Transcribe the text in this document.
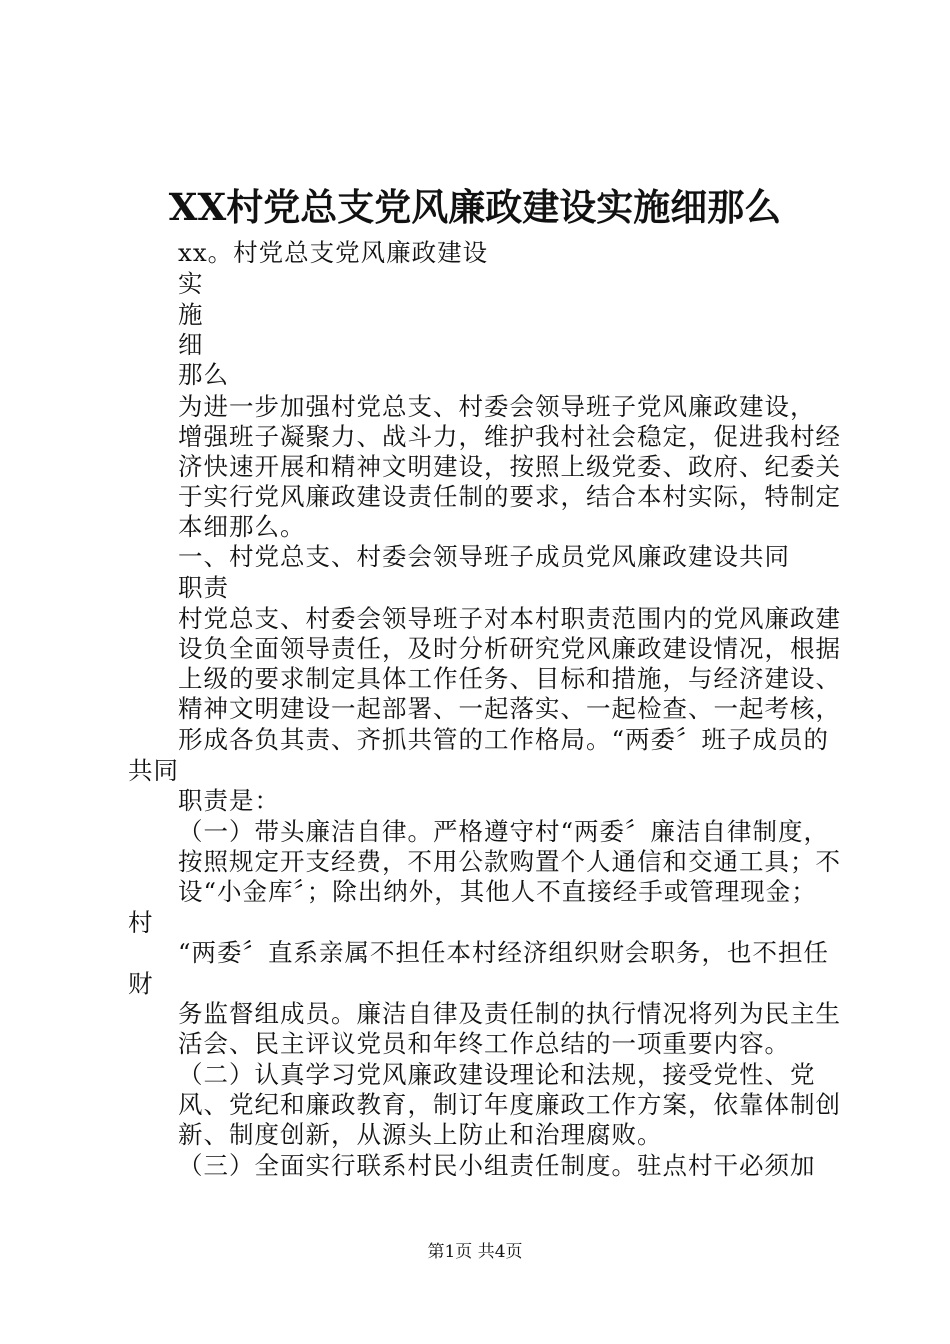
XX村党总支党风廉政建设实施细那么
xx。村党总支党风廉政建设
实
施
细
那么
为进一步加强村党总支、村委会领导班子党风廉政建设，
增强班子凝聚力、战斗力，维护我村社会稳定，促进我村经
济快速开展和精神文明建设，按照上级党委、政府、纪委关
于实行党风廉政建设责任制的要求，结合本村实际，特制定
本细那么。
一、村党总支、村委会领导班子成员党风廉政建设共同
职责
村党总支、村委会领导班子对本村职责范围内的党风廉政建
设负全面领导责任，及时分析研究党风廉政建设情况，根据
上级的要求制定具体工作任务、目标和措施，与经济建设、
精神文明建设一起部署、一起落实、一起检查、一起考核，
形成各负其责、齐抓共管的工作格局。“两委〞班子成员的
共同
职责是：
（一）带头廉洁自律。严格遵守村“两委〞廉洁自律制度，
按照规定开支经费，不用公款购置个人通信和交通工具；不
设“小金库〞；除出纳外，其他人不直接经手或管理现金；
村
“两委〞直系亲属不担任本村经济组织财会职务，也不担任
财
务监督组成员。廉洁自律及责任制的执行情况将列为民主生
活会、民主评议党员和年终工作总结的一项重要内容。
（二）认真学习党风廉政建设理论和法规，接受党性、党
风、党纪和廉政教育，制订年度廉政工作方案，依靠体制创
新、制度创新，从源头上防止和治理腐败。
（三）全面实行联系村民小组责任制度。驻点村干必须加
第1页 共4页
